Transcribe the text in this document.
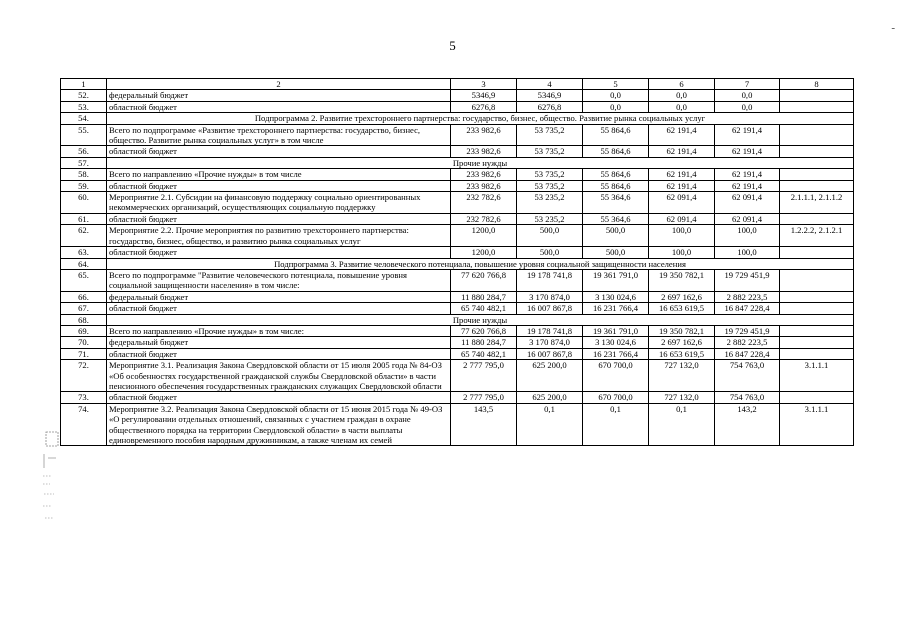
5
-
1	2	3	4	5	6	7	8
52.	федеральный бюджет	5346,9	5346,9	0,0	0,0	0,0	
53.	областной бюджет	6276,8	6276,8	0,0	0,0	0,0	
54.	Подпрограмма 2. Развитие трехстороннего партнерства: государство, бизнес, общество. Развитие рынка социальных услуг						
55.	Всего по подпрограмме «Развитие трехстороннего партнерства: государство, бизнес, общество. Развитие рынка социальных услуг» в том числе	233 982,6	53 735,2	55 864,6	62 191,4	62 191,4	
56.	областной бюджет	233 982,6	53 735,2	55 864,6	62 191,4	62 191,4	
57.	Прочие нужды						
58.	Всего по направлению «Прочие нужды» в том числе	233 982,6	53 735,2	55 864,6	62 191,4	62 191,4	
59.	областной бюджет	233 982,6	53 735,2	55 864,6	62 191,4	62 191,4	
60.	Мероприятие 2.1. Субсидии на финансовую поддержку социально ориентированных некоммерческих организаций, осуществляющих социальную поддержку	232 782,6	53 235,2	55 364,6	62 091,4	62 091,4	2.1.1.1, 2.1.1.2
61.	областной бюджет	232 782,6	53 235,2	55 364,6	62 091,4	62 091,4	
62.	Мероприятие 2.2. Прочие мероприятия по развитию трехстороннего партнерства: государство, бизнес, общество, и развитию рынка социальных услуг	1200,0	500,0	500,0	100,0	100,0	1.2.2.2, 2.1.2.1
63.	областной бюджет	1200,0	500,0	500,0	100,0	100,0	
64.	Подпрограмма 3. Развитие человеческого потенциала, повышение уровня социальной защищенности населения						
65.	Всего по подпрограмме "Развитие человеческого потенциала, повышение уровня социальной защищенности населения» в том числе:	77 620 766,8	19 178 741,8	19 361 791,0	19 350 782,1	19 729 451,9	
66.	федеральный бюджет	11 880 284,7	3 170 874,0	3 130 024,6	2 697 162,6	2 882 223,5	
67.	областной бюджет	65 740 482,1	16 007 867,8	16 231 766,4	16 653 619,5	16 847 228,4	
68.	Прочие нужды						
69.	Всего по направлению «Прочие нужды» в том числе:	77 620 766,8	19 178 741,8	19 361 791,0	19 350 782,1	19 729 451,9	
70.	федеральный бюджет	11 880 284,7	3 170 874,0	3 130 024,6	2 697 162,6	2 882 223,5	
71.	областной бюджет	65 740 482,1	16 007 867,8	16 231 766,4	16 653 619,5	16 847 228,4	
72.	Мероприятие 3.1. Реализация Закона Свердловской области от 15 июля 2005 года № 84-ОЗ «Об особенностях государственной гражданской службы Свердловской области» в части пенсионного обеспечения государственных гражданских служащих Свердловской области	2 777 795,0	625 200,0	670 700,0	727 132,0	754 763,0	3.1.1.1
73.	областной бюджет	2 777 795,0	625 200,0	670 700,0	727 132,0	754 763,0	
74.	Мероприятие 3.2. Реализация Закона Свердловской области от 15 июня 2015 года № 49-ОЗ «О регулировании отдельных отношений, связанных с участием граждан в охране общественного порядка на территории Свердловской области» в части выплаты единовременного пособия народным дружинникам, а также членам их семей	143,5	0,1	0,1	0,1	143,2	3.1.1.1
